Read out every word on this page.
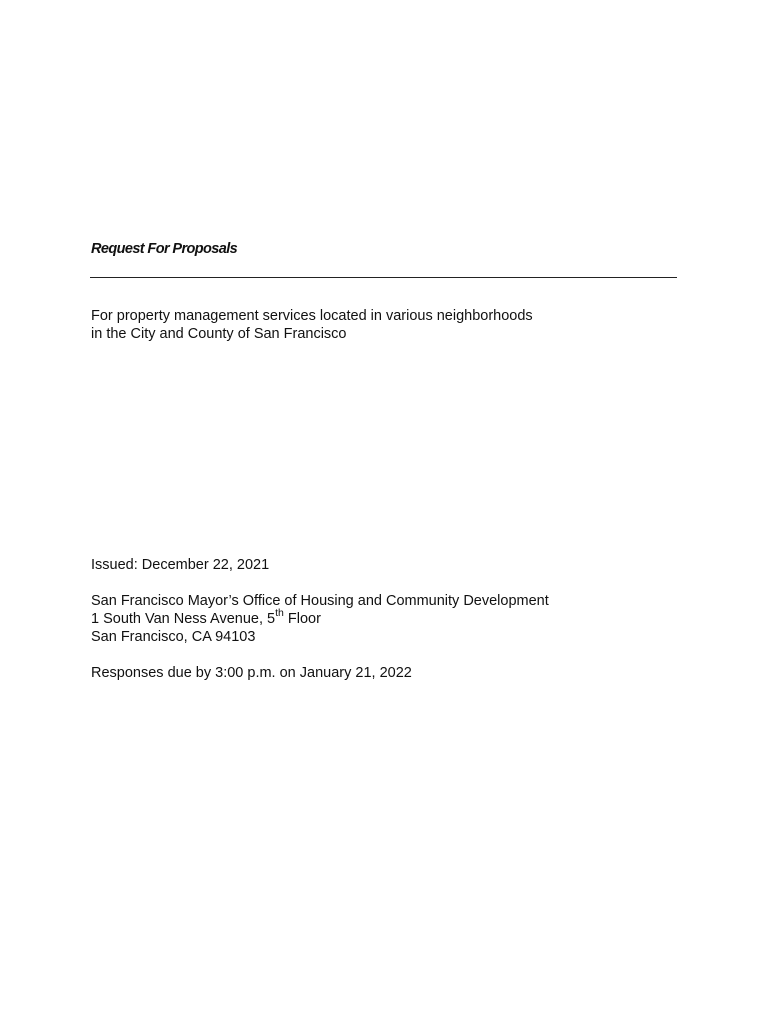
Request For Proposals
For property management services located in various neighborhoods
in the City and County of San Francisco
Issued: December 22, 2021
San Francisco Mayor’s Office of Housing and Community Development
1 South Van Ness Avenue, 5th Floor
San Francisco, CA 94103
Responses due by 3:00 p.m. on January 21, 2022
